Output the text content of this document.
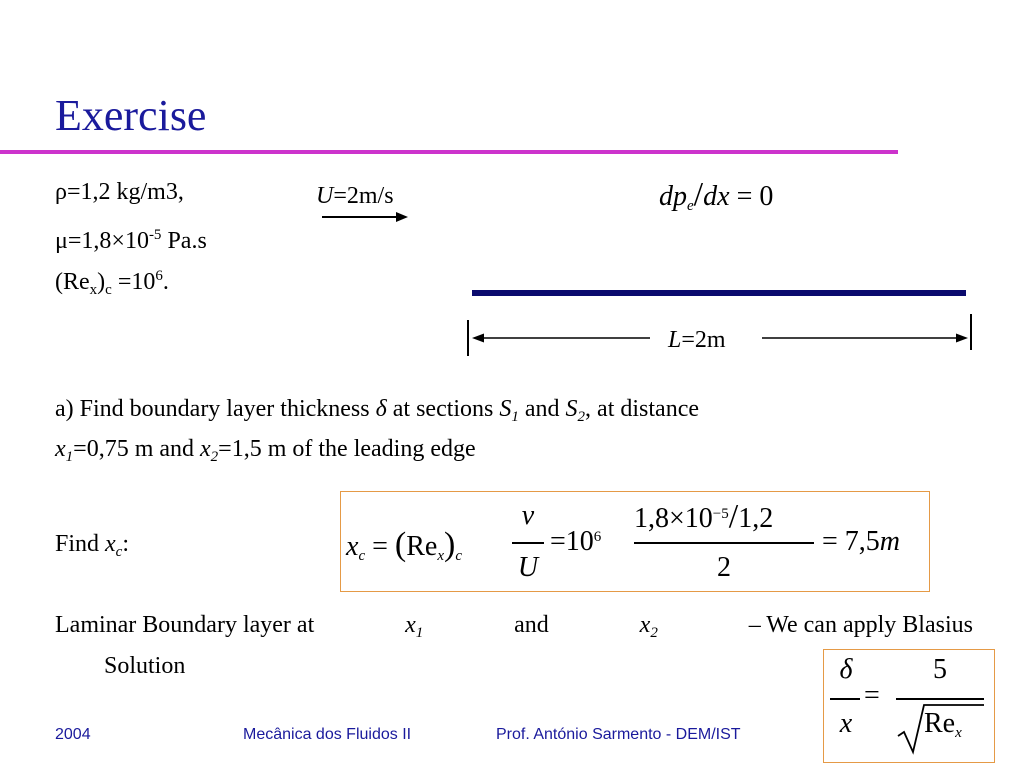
Exercise
ρ=1,2 kg/m3,
$\mu=1,8\times 10^{-5}$ Pa.s
$(Re_x)_c =10^6$.
U=2m/s	$dp_e/dx = 0$
L=2m
a) Find boundary layer thickness δ at sections $S_1$ and $S_2$, at distance
$x_1=0,75$ m and $x_2=1,5$ m of the leading edge
Find $x_c$:	$x_c = (Re_x)_c$
ν
U
$=10^6$
$1,8\times 10^{-5}/1,2$
2
= 7,5m
Laminar Boundary layer at	$x_1$	and	$x_2$	– We can apply Blasius
Solution	δ
x
=
5
$Re_x$
2004	Mecânica dos Fluidos II	Prof. António Sarmento - DEM/IST
